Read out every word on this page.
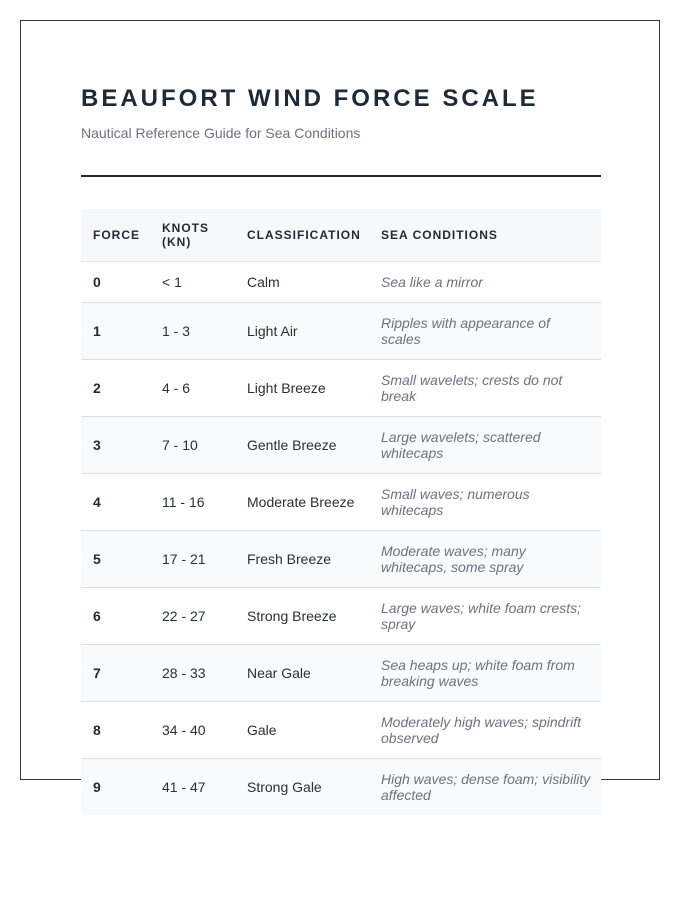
BEAUFORT WIND FORCE SCALE

Nautical Reference Guide for Sea Conditions

FORCE	KNOTS (KN)	CLASSIFICATION	SEA CONDITIONS
0	< 1	Calm	Sea like a mirror
1	1 - 3	Light Air	Ripples with appearance of scales
2	4 - 6	Light Breeze	Small wavelets; crests do not break
3	7 - 10	Gentle Breeze	Large wavelets; scattered whitecaps
4	11 - 16	Moderate Breeze	Small waves; numerous whitecaps
5	17 - 21	Fresh Breeze	Moderate waves; many whitecaps, some spray
6	22 - 27	Strong Breeze	Large waves; white foam crests; spray
7	28 - 33	Near Gale	Sea heaps up; white foam from breaking waves
8	34 - 40	Gale	Moderately high waves; spindrift observed
9	41 - 47	Strong Gale	High waves; dense foam; visibility affected
